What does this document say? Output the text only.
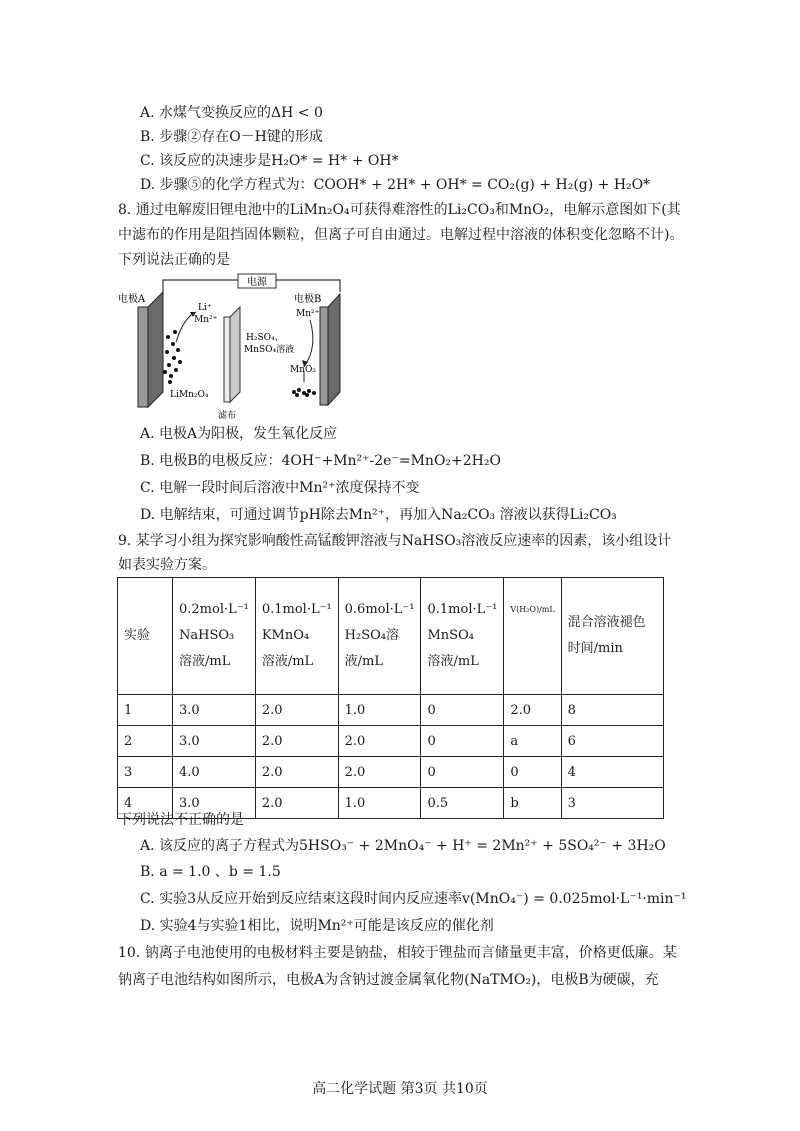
A. 水煤气变换反应的ΔH < 0
B. 步骤②存在O－H键的形成
C. 该反应的决速步是H₂O* = H* + OH*
D. 步骤⑤的化学方程式为：COOH* + 2H* + OH* = CO₂(g) + H₂(g) + H₂O*
8. 通过电解废旧锂电池中的LiMn₂O₄可获得难溶性的Li₂CO₃和MnO₂，电解示意图如下(其
中滤布的作用是阻挡固体颗粒，但离子可自由通过。电解过程中溶液的体积变化忽略不计)。
下列说法正确的是
电源
电极A	电极B
Li⁺
Mn²⁺
Mn²⁺
H₂SO₄、
MnSO₄溶液
MnO₂
LiMn₂O₄
滤布
A. 电极A为阳极，发生氧化反应
B. 电极B的电极反应：4OH⁻+Mn²⁺-2e⁻=MnO₂+2H₂O
C. 电解一段时间后溶液中Mn²⁺浓度保持不变
D. 电解结束，可通过调节pH除去Mn²⁺，再加入Na₂CO₃ 溶液以获得Li₂CO₃
9. 某学习小组为探究影响酸性高锰酸钾溶液与NaHSO₃溶液反应速率的因素，该小组设计
如表实验方案。
实验	0.2mol·L⁻¹
NaHSO₃
溶液/mL	0.1mol·L⁻¹
KMnO₄
溶液/mL	0.6mol·L⁻¹
H₂SO₄溶
液/mL	0.1mol·L⁻¹
MnSO₄
溶液/mL	V(H₂O)/mL	混合溶液褪色时间/min
1	3.0	2.0	1.0	0	2.0	8
2	3.0	2.0	2.0	0	a	6
3	4.0	2.0	2.0	0	0	4
4	3.0	2.0	1.0	0.5	b	3
下列说法不正确的是
A. 该反应的离子方程式为5HSO₃⁻ + 2MnO₄⁻ + H⁺ = 2Mn²⁺ + 5SO₄²⁻ + 3H₂O
B. a = 1.0 、b = 1.5
C. 实验3从反应开始到反应结束这段时间内反应速率v(MnO₄⁻) = 0.025mol·L⁻¹·min⁻¹
D. 实验4与实验1相比，说明Mn²⁺可能是该反应的催化剂
10. 钠离子电池使用的电极材料主要是钠盐，相较于锂盐而言储量更丰富，价格更低廉。某
钠离子电池结构如图所示，电极A为含钠过渡金属氧化物(NaTMO₂)，电极B为硬碳，充
高二化学试题 第3页 共10页
